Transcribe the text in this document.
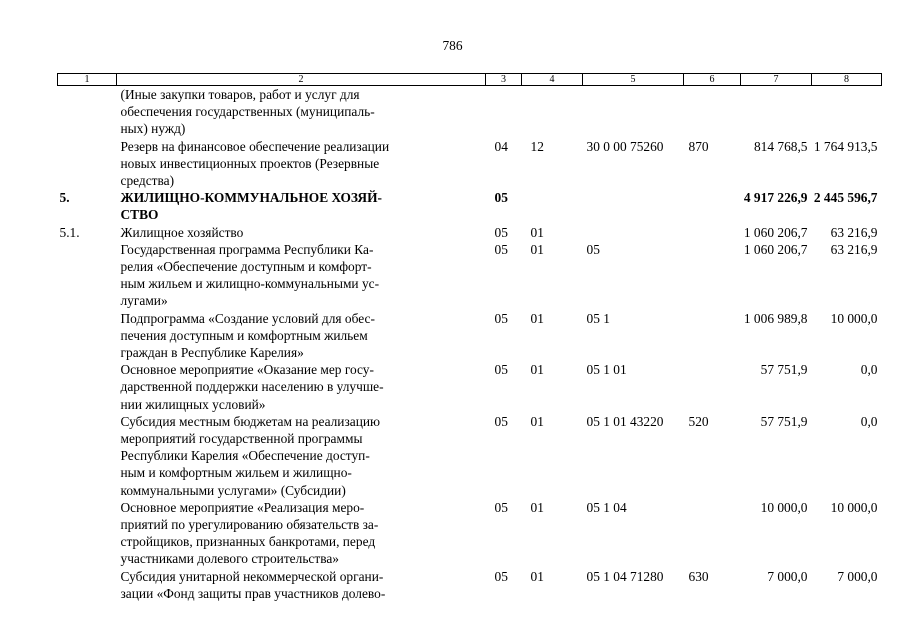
786
1	2	3	4	5	6	7	8

	(Иные закупки товаров, работ и услуг для
обеспечения государственных (муниципаль-
ных) нужд)						

	Резерв на финансовое обеспечение реализации
новых инвестиционных проектов (Резервные
средства)	04	12	30 0 00 75260	870	814 768,5	1 764 913,5
5.	ЖИЛИЩНО-КОММУНАЛЬНОЕ ХОЗЯЙ-
СТВО	05				4 917 226,9	2 445 596,7
5.1.	Жилищное хозяйство	05	01			1 060 206,7	63 216,9

	Государственная программа Республики Ка-
релия «Обеспечение доступным и комфорт-
ным жильем и жилищно-коммунальными ус-
лугами»	05	01	05		1 060 206,7	63 216,9

	Подпрограмма «Создание условий для обес-
печения доступным и комфортным жильем
граждан в Республике Карелия»	05	01	05 1		1 006 989,8	10 000,0

	Основное мероприятие «Оказание мер госу-
дарственной поддержки населению в улучше-
нии жилищных условий»	05	01	05 1 01		57 751,9	0,0

	Субсидия местным бюджетам на реализацию
мероприятий государственной программы
Республики Карелия «Обеспечение доступ-
ным и комфортным жильем и жилищно-
коммунальными услугами» (Субсидии)	05	01	05 1 01 43220	520	57 751,9	0,0

	Основное мероприятие «Реализация меро-
приятий по урегулированию обязательств за-
стройщиков, признанных банкротами, перед
участниками долевого строительства»	05	01	05 1 04		10 000,0	10 000,0

	Субсидия унитарной некоммерческой органи-
зации «Фонд защиты прав участников долево-	05	01	05 1 04 71280	630	7 000,0	7 000,0
